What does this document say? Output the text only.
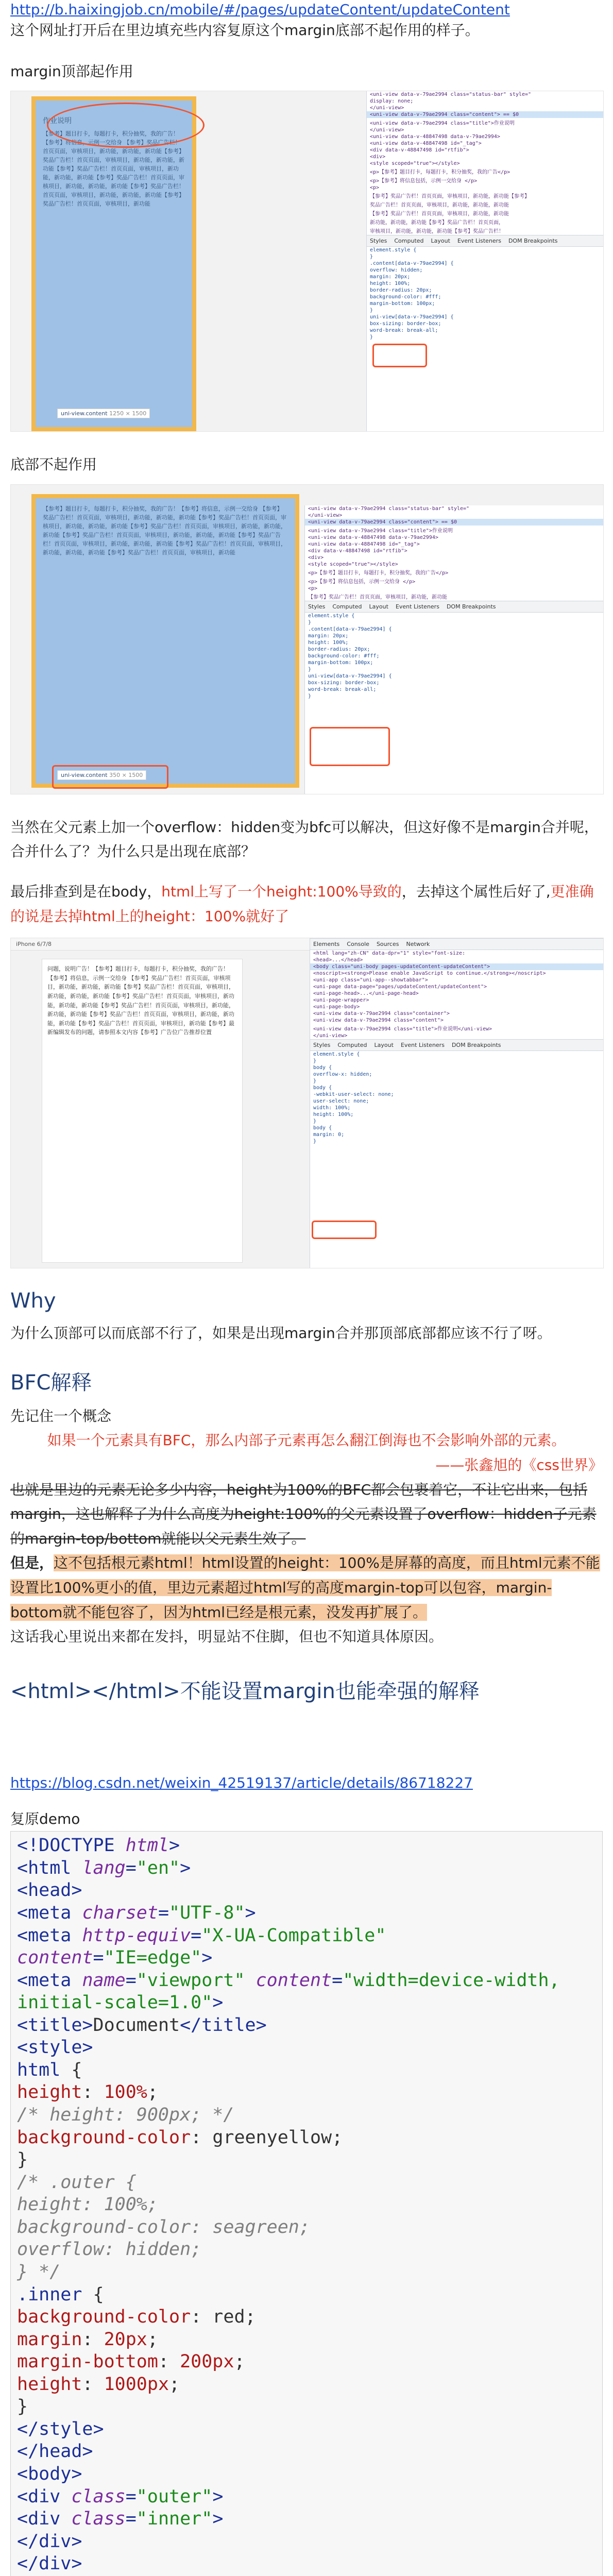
http://b.haixingjob.cn/mobile/#/pages/updateContent/updateContent

这个网址打开后在里边填充些内容复原这个margin底部不起作用的样子。

margin顶部起作用

作业说明
【参考】题目打卡，每题打卡，积分抽奖，我的广告！【参考】将信息，示例一交给身 【参考】奖品广告栏！首页页面，审核项目，新功能，新功能，新功能【参考】奖品广告栏！首页页面，审核项目，新功能，新功能，新功能【参考】奖品广告栏！首页页面，审核项目，新功能，新功能，新功能【参考】奖品广告栏！首页页面，审核项目，新功能，新功能，新功能【参考】奖品广告栏！首页页面，审核项目，新功能，新功能，新功能【参考】奖品广告栏！首页页面，审核项目，新功能
uni-view.content 1250 × 1500
<uni-view data-v-79ae2994 class="status-bar" style="
display: none;
</uni-view>
<uni-view data-v-79ae2994 class="content"> == $0
<uni-view data-v-79ae2994 class="title">作业说明
</uni-view>
<uni-view data-v-48847498 data-v-79ae2994>
<uni-view data-v-48847498 id="_tag">
<div data-v-48847498 id="rtfib">
<div>
<style scoped="true"></style>
<p>【参考】题目打卡，每题打卡，积分抽奖，我的广告</p>
<p>【参考】将信息包括，示例一交给身 </p>
<p>
【参考】奖品广告栏！首页页面，审核项目，新功能，新功能【参考】
奖品广告栏！首页页面，审核项目，新功能，新功能，新功能
【参考】奖品广告栏！首页页面，审核项目，新功能，新功能
新功能，新功能，新功能【参考】奖品广告栏！首页页面，
审核项目，新功能，新功能，新功能【参考】奖品广告栏！
Styles Computed Layout Event Listeners DOM Breakpoints
element.style {
}
.content[data-v-79ae2994] {
overflow: hidden;
margin: 20px;
height: 100%;
border-radius: 20px;
background-color: #fff;
margin-bottom: 100px;
}
uni-view[data-v-79ae2994] {
box-sizing: border-box;
word-break: break-all;
}

底部不起作用

【参考】题目打卡，每题打卡，积分抽奖，我的广告！【参考】将信息，示例一交给身 【参考】奖品广告栏！首页页面，审核项目，新功能，新功能，新功能【参考】奖品广告栏！首页页面，审核项目，新功能，新功能，新功能【参考】奖品广告栏！首页页面，审核项目，新功能，新功能，新功能【参考】奖品广告栏！首页页面，审核项目，新功能，新功能，新功能【参考】奖品广告栏！首页页面，审核项目，新功能，新功能，新功能【参考】奖品广告栏！首页页面，审核项目，新功能，新功能，新功能【参考】奖品广告栏！首页页面，审核项目，新功能
uni-view.content 350 × 1500
<uni-view data-v-79ae2994 class="status-bar" style="
</uni-view>
<uni-view data-v-79ae2994 class="content"> == $0
<uni-view data-v-79ae2994 class="title">作业说明
<uni-view data-v-48847498 data-v-79ae2994>
<uni-view data-v-48847498 id="_tag">
<div data-v-48847498 id="rtfib">
<div>
<style scoped="true"></style>
<p>【参考】题目打卡，每题打卡，积分抽奖，我的广告</p>
<p>【参考】将信息包括，示例一交给身 </p>
<p>
【参考】奖品广告栏！首页页面，审核项目，新功能，新功能
Styles Computed Layout Event Listeners DOM Breakpoints
element.style {
}
.content[data-v-79ae2994] {
margin: 20px;
height: 100%;
border-radius: 20px;
background-color: #fff;
margin-bottom: 100px;
}
uni-view[data-v-79ae2994] {
box-sizing: border-box;
word-break: break-all;
}

当然在父元素上加一个overflow：hidden变为bfc可以解决，但这好像不是margin合并呢，合并什么了？为什么只是出现在底部？

最后排查到是在body，html上写了一个height:100%导致的，去掉这个属性后好了,更准确的说是去掉html上的height：100%就好了

iPhone 6/7/8
问题，说明广告！【参考】题目打卡，每题打卡，积分抽奖，我的广告！【参考】将信息，示例一交给身 【参考】奖品广告栏！首页页面，审核项目，新功能，新功能，新功能【参考】奖品广告栏！首页页面，审核项目，新功能，新功能，新功能【参考】奖品广告栏！首页页面，审核项目，新功能，新功能，新功能【参考】奖品广告栏！首页页面，审核项目，新功能，新功能，新功能【参考】奖品广告栏！首页页面，审核项目，新功能，新功能，新功能【参考】奖品广告栏！首页页面，审核项目，新功能【参考】最新编辑发布的问题，请参照本文内容【参考】广告位广告推荐位置
Elements Console Sources Network
<html lang="zh-CN" data-dpr="1" style="font-size:
<head>...</head>
<body class="uni-body pages-updateContent-updateContent">
<noscript><strong>Please enable JavaScript to continue.</strong></noscript>
<uni-app class="uni-app--showtabbar">
<uni-page data-page="pages/updateContent/updateContent">
<uni-page-head>...</uni-page-head>
<uni-page-wrapper>
<uni-page-body>
<uni-view data-v-79ae2994 class="container">
<uni-view data-v-79ae2994 class="content">
<uni-view data-v-79ae2994 class="title">作业说明</uni-view>
</uni-view>
Styles Computed Layout Event Listeners DOM Breakpoints
element.style {
}
body {
overflow-x: hidden;
}
body {
-webkit-user-select: none;
user-select: none;
width: 100%;
height: 100%;
}
body {
margin: 0;
}
Why

为什么顶部可以而底部不行了，如果是出现margin合并那顶部底部都应该不行了呀。

BFC解释

先记住一个概念

如果一个元素具有BFC，那么内部子元素再怎么翻江倒海也不会影响外部的元素。

——张鑫旭的《css世界》

也就是里边的元素无论多少内容，height为100%的BFC都会包裹着它，不让它出来，包括margin，这也解释了为什么高度为height:100%的父元素设置了overflow：hidden子元素的margin-top/bottom就能以父元素生效了。

但是，这不包括根元素html！html设置的height：100%是屏幕的高度，而且html元素不能设置比100%更小的值，里边元素超过html写的高度margin-top可以包容，margin-bottom就不能包容了，因为html已经是根元素，没发再扩展了。

这话我心里说出来都在发抖，明显站不住脚，但也不知道具体原因。

<html></html>不能设置margin也能牵强的解释
https://blog.csdn.net/weixin_42519137/article/details/86718227

复原demo

<!DOCTYPE html>
<html lang="en">
<head>
<meta charset="UTF-8">
<meta http-equiv="X-UA-Compatible"
content="IE=edge">
<meta name="viewport" content="width=device-width,
initial-scale=1.0">
<title>Document</title>
<style>
html {
height: 100%;
/* height: 900px; */
background-color: greenyellow;
}
/* .outer {
height: 100%;
background-color: seagreen;
overflow: hidden;
} */
.inner {
background-color: red;
margin: 20px;
margin-bottom: 200px;
height: 1000px;
}
</style>
</head>
<body>
<div class="outer">
<div class="inner">
</div>
</div>
